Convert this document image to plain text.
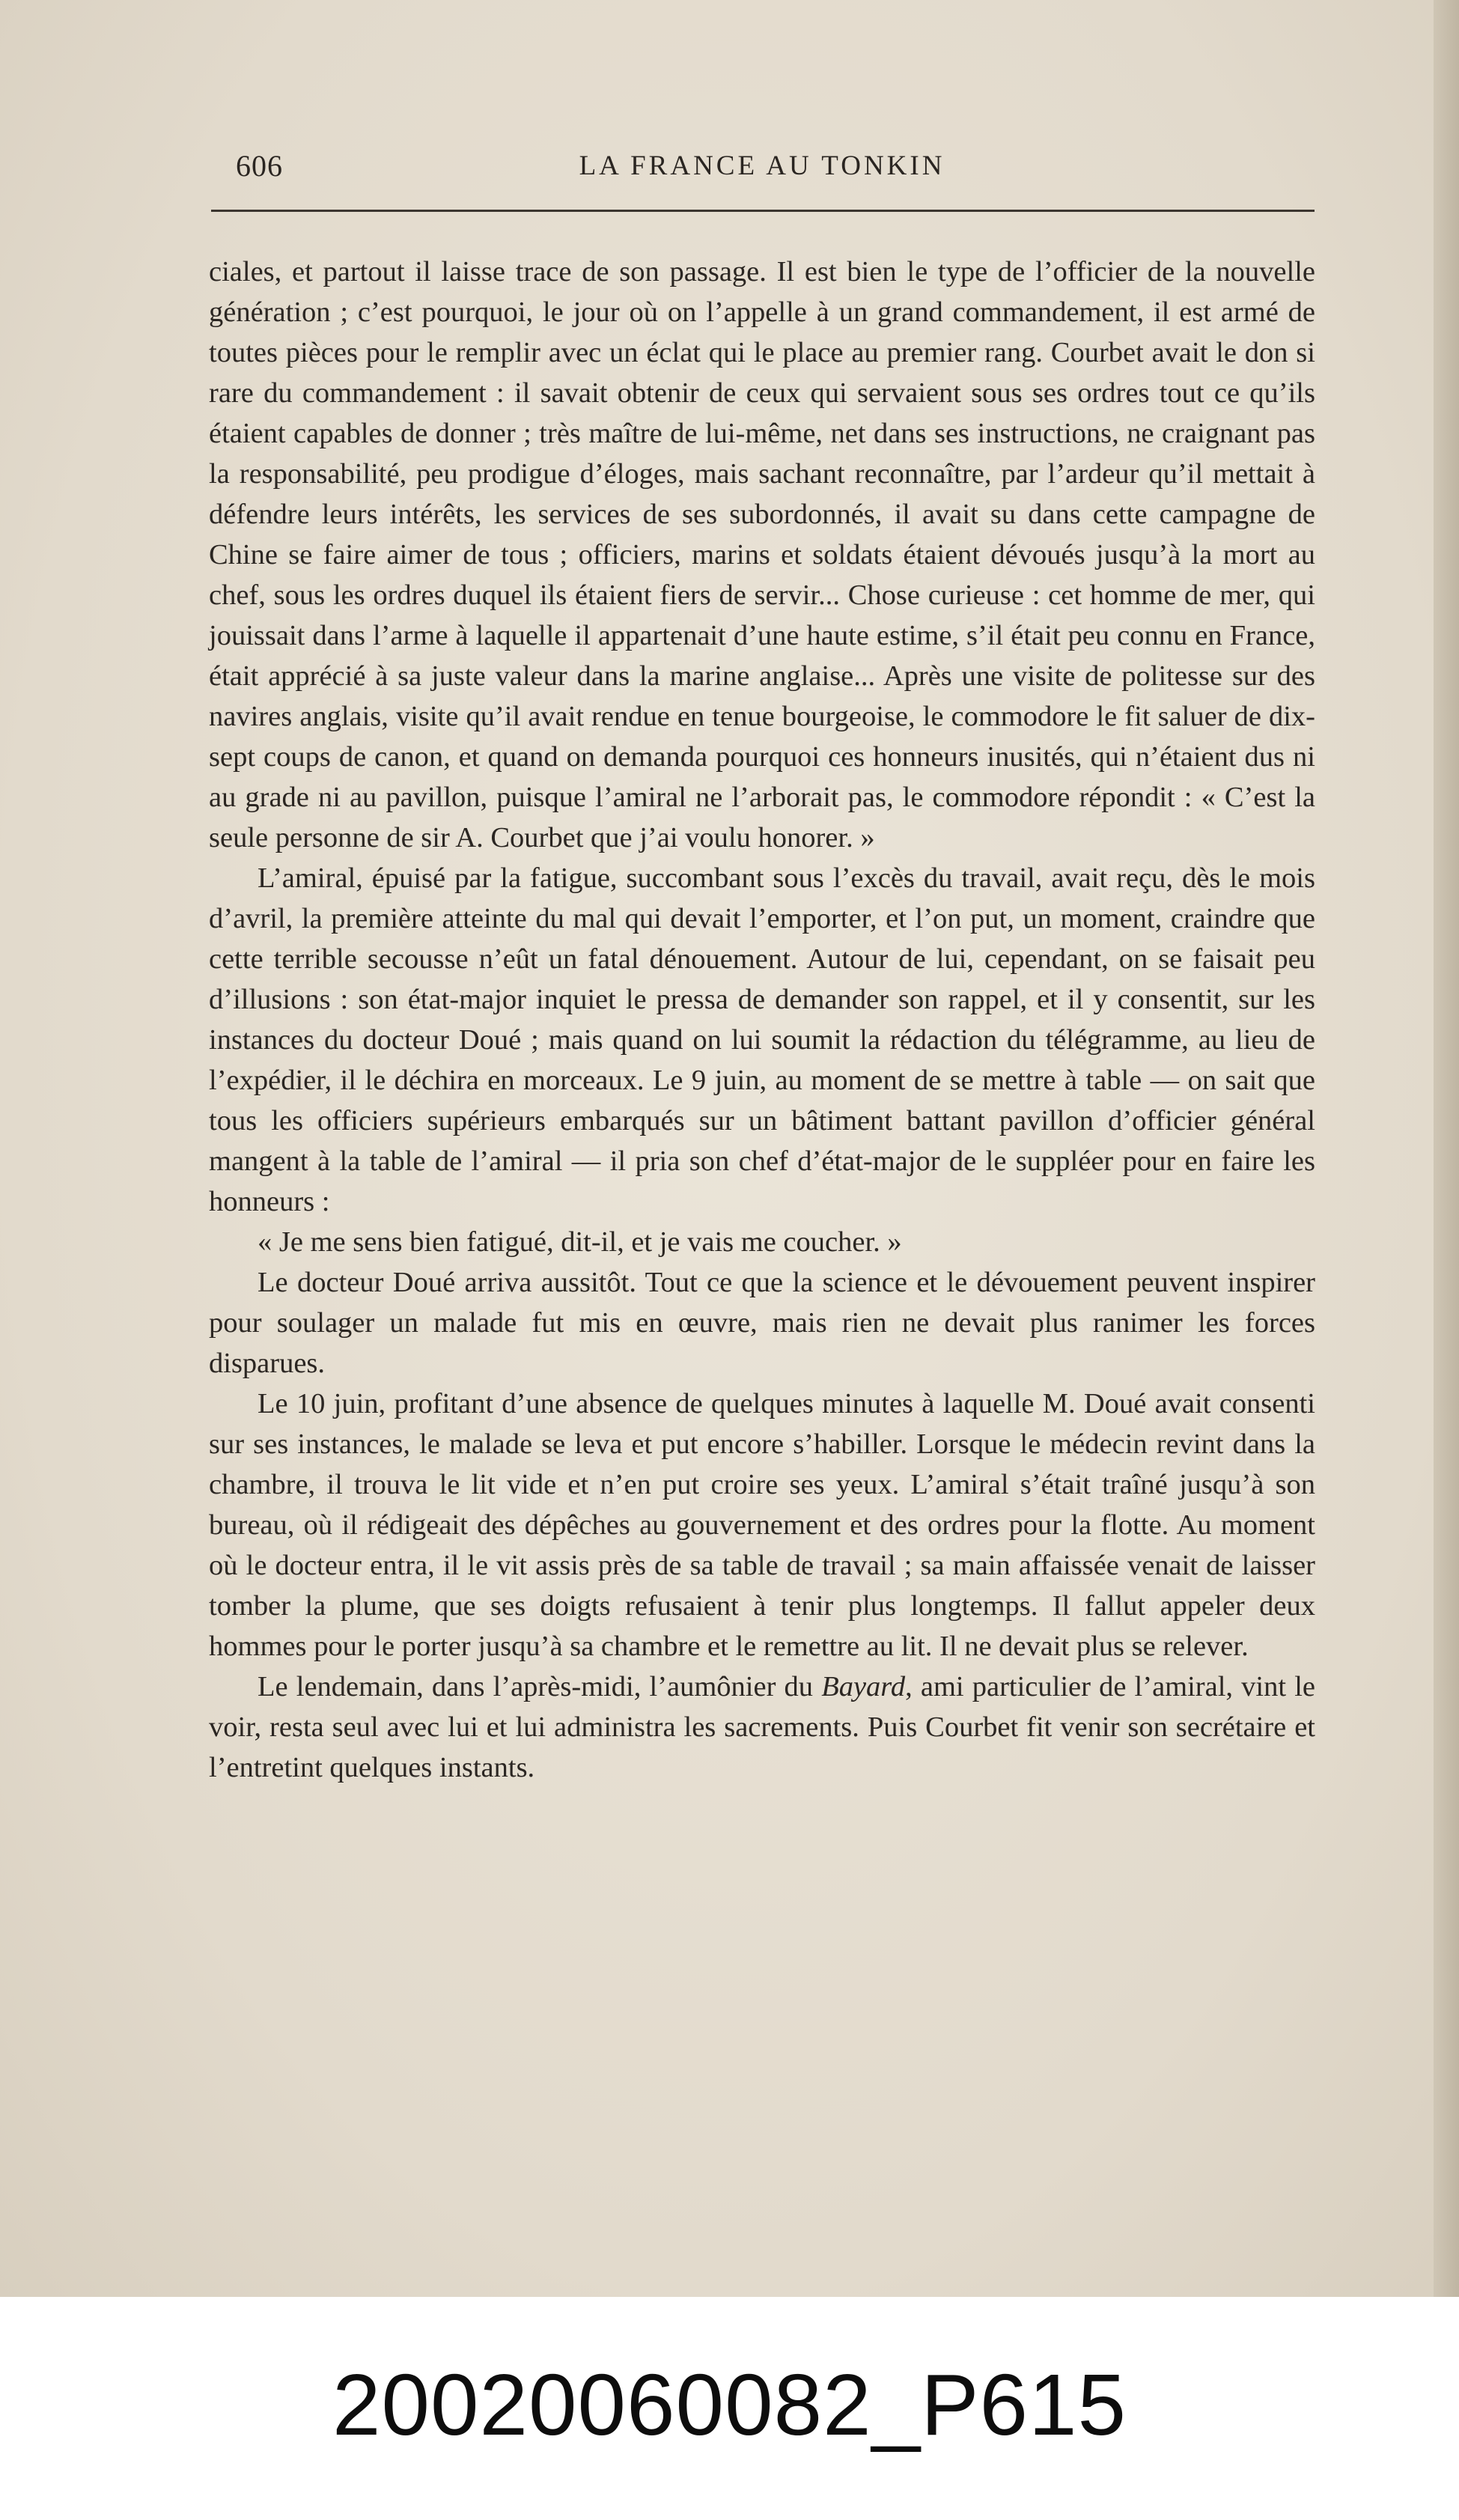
606	LA FRANCE AU TONKIN

ciales, et partout il laisse trace de son passage. Il est bien le type de l’officier de la nouvelle génération ; c’est pourquoi, le jour où on l’appelle à un grand commandement, il est armé de toutes pièces pour le remplir avec un éclat qui le place au premier rang. Courbet avait le don si rare du commandement : il savait obtenir de ceux qui servaient sous ses ordres tout ce qu’ils étaient capables de donner ; très maître de lui-même, net dans ses instructions, ne craignant pas la responsabilité, peu prodigue d’éloges, mais sachant reconnaître, par l’ardeur qu’il mettait à défendre leurs intérêts, les services de ses subordonnés, il avait su dans cette campagne de Chine se faire aimer de tous ; officiers, marins et soldats étaient dévoués jusqu’à la mort au chef, sous les ordres duquel ils étaient fiers de servir... Chose curieuse : cet homme de mer, qui jouissait dans l’arme à laquelle il appartenait d’une haute estime, s’il était peu connu en France, était apprécié à sa juste valeur dans la marine anglaise... Après une visite de politesse sur des navires anglais, visite qu’il avait rendue en tenue bourgeoise, le commodore le fit saluer de dix-sept coups de canon, et quand on demanda pourquoi ces honneurs inusités, qui n’étaient dus ni au grade ni au pavillon, puisque l’amiral ne l’arborait pas, le commodore répondit : « C’est la seule personne de sir A. Courbet que j’ai voulu honorer. »

L’amiral, épuisé par la fatigue, succombant sous l’excès du travail, avait reçu, dès le mois d’avril, la première atteinte du mal qui devait l’emporter, et l’on put, un moment, craindre que cette terrible secousse n’eût un fatal dénouement. Autour de lui, cependant, on se faisait peu d’illusions : son état-major inquiet le pressa de demander son rappel, et il y consentit, sur les instances du docteur Doué ; mais quand on lui soumit la rédaction du télégramme, au lieu de l’expédier, il le déchira en morceaux. Le 9 juin, au moment de se mettre à table — on sait que tous les officiers supérieurs embarqués sur un bâtiment battant pavillon d’officier général mangent à la table de l’amiral — il pria son chef d’état-major de le suppléer pour en faire les honneurs :

« Je me sens bien fatigué, dit-il, et je vais me coucher. »

Le docteur Doué arriva aussitôt. Tout ce que la science et le dévouement peuvent inspirer pour soulager un malade fut mis en œuvre, mais rien ne devait plus ranimer les forces disparues.

Le 10 juin, profitant d’une absence de quelques minutes à laquelle M. Doué avait consenti sur ses instances, le malade se leva et put encore s’habiller. Lorsque le médecin revint dans la chambre, il trouva le lit vide et n’en put croire ses yeux. L’amiral s’était traîné jusqu’à son bureau, où il rédigeait des dépêches au gouvernement et des ordres pour la flotte. Au moment où le docteur entra, il le vit assis près de sa table de travail ; sa main affaissée venait de laisser tomber la plume, que ses doigts refusaient à tenir plus longtemps. Il fallut appeler deux hommes pour le porter jusqu’à sa chambre et le remettre au lit. Il ne devait plus se relever.

Le lendemain, dans l’après-midi, l’aumônier du Bayard, ami particulier de l’amiral, vint le voir, resta seul avec lui et lui administra les sacrements. Puis Courbet fit venir son secrétaire et l’entretint quelques instants.

20020060082_P615
